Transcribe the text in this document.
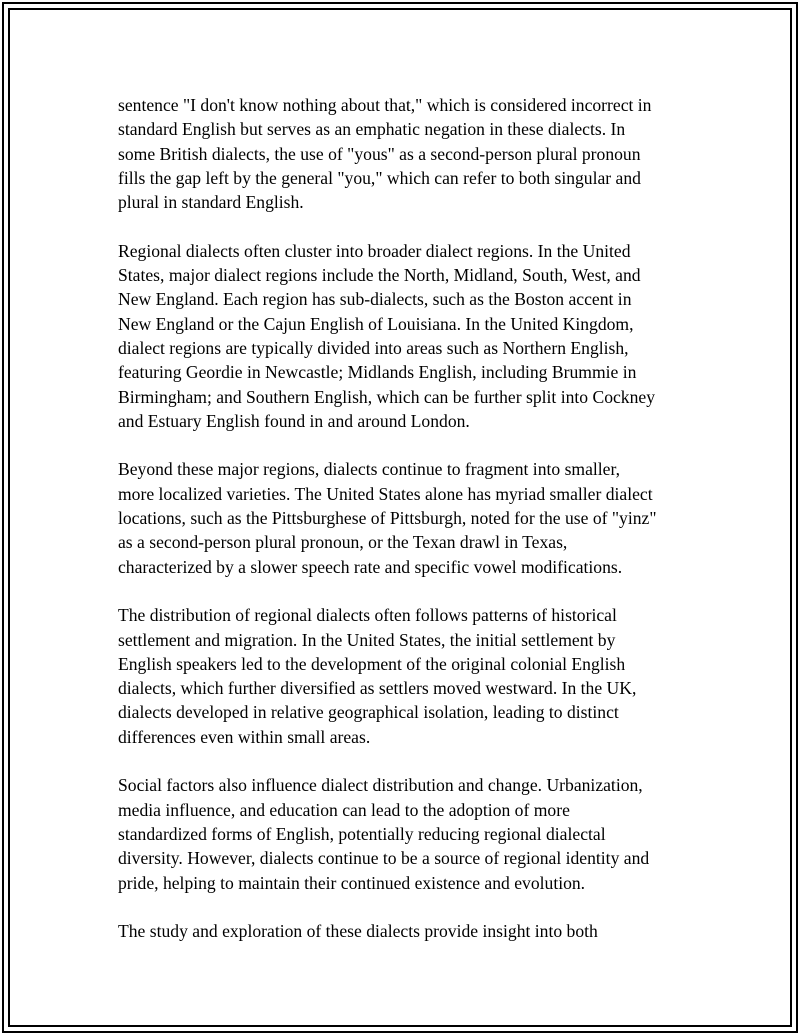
sentence "I don't know nothing about that," which is considered incorrect in
standard English but serves as an emphatic negation in these dialects. In
some British dialects, the use of "yous" as a second-person plural pronoun
fills the gap left by the general "you," which can refer to both singular and
plural in standard English.

Regional dialects often cluster into broader dialect regions. In the United
States, major dialect regions include the North, Midland, South, West, and
New England. Each region has sub-dialects, such as the Boston accent in
New England or the Cajun English of Louisiana. In the United Kingdom,
dialect regions are typically divided into areas such as Northern English,
featuring Geordie in Newcastle; Midlands English, including Brummie in
Birmingham; and Southern English, which can be further split into Cockney
and Estuary English found in and around London.

Beyond these major regions, dialects continue to fragment into smaller,
more localized varieties. The United States alone has myriad smaller dialect
locations, such as the Pittsburghese of Pittsburgh, noted for the use of "yinz"
as a second-person plural pronoun, or the Texan drawl in Texas,
characterized by a slower speech rate and specific vowel modifications.

The distribution of regional dialects often follows patterns of historical
settlement and migration. In the United States, the initial settlement by
English speakers led to the development of the original colonial English
dialects, which further diversified as settlers moved westward. In the UK,
dialects developed in relative geographical isolation, leading to distinct
differences even within small areas.

Social factors also influence dialect distribution and change. Urbanization,
media influence, and education can lead to the adoption of more
standardized forms of English, potentially reducing regional dialectal
diversity. However, dialects continue to be a source of regional identity and
pride, helping to maintain their continued existence and evolution.

The study and exploration of these dialects provide insight into both
